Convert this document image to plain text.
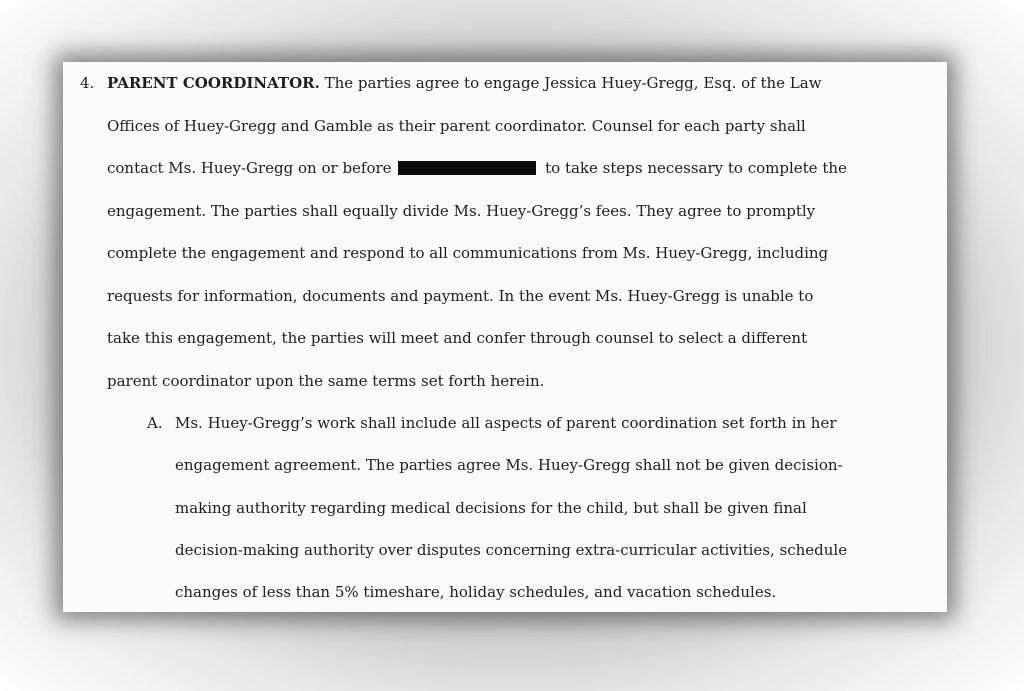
4. PARENT COORDINATOR. The parties agree to engage Jessica Huey-Gregg, Esq. of the Law
Offices of Huey-Gregg and Gamble as their parent coordinator. Counsel for each party shall
contact Ms. Huey-Gregg on or before	to take steps necessary to complete the
engagement. The parties shall equally divide Ms. Huey-Gregg’s fees. They agree to promptly
complete the engagement and respond to all communications from Ms. Huey-Gregg, including
requests for information, documents and payment. In the event Ms. Huey-Gregg is unable to
take this engagement, the parties will meet and confer through counsel to select a different
parent coordinator upon the same terms set forth herein.
A. Ms. Huey-Gregg’s work shall include all aspects of parent coordination set forth in her
engagement agreement. The parties agree Ms. Huey-Gregg shall not be given decision-
making authority regarding medical decisions for the child, but shall be given final
decision-making authority over disputes concerning extra-curricular activities, schedule
changes of less than 5% timeshare, holiday schedules, and vacation schedules.
